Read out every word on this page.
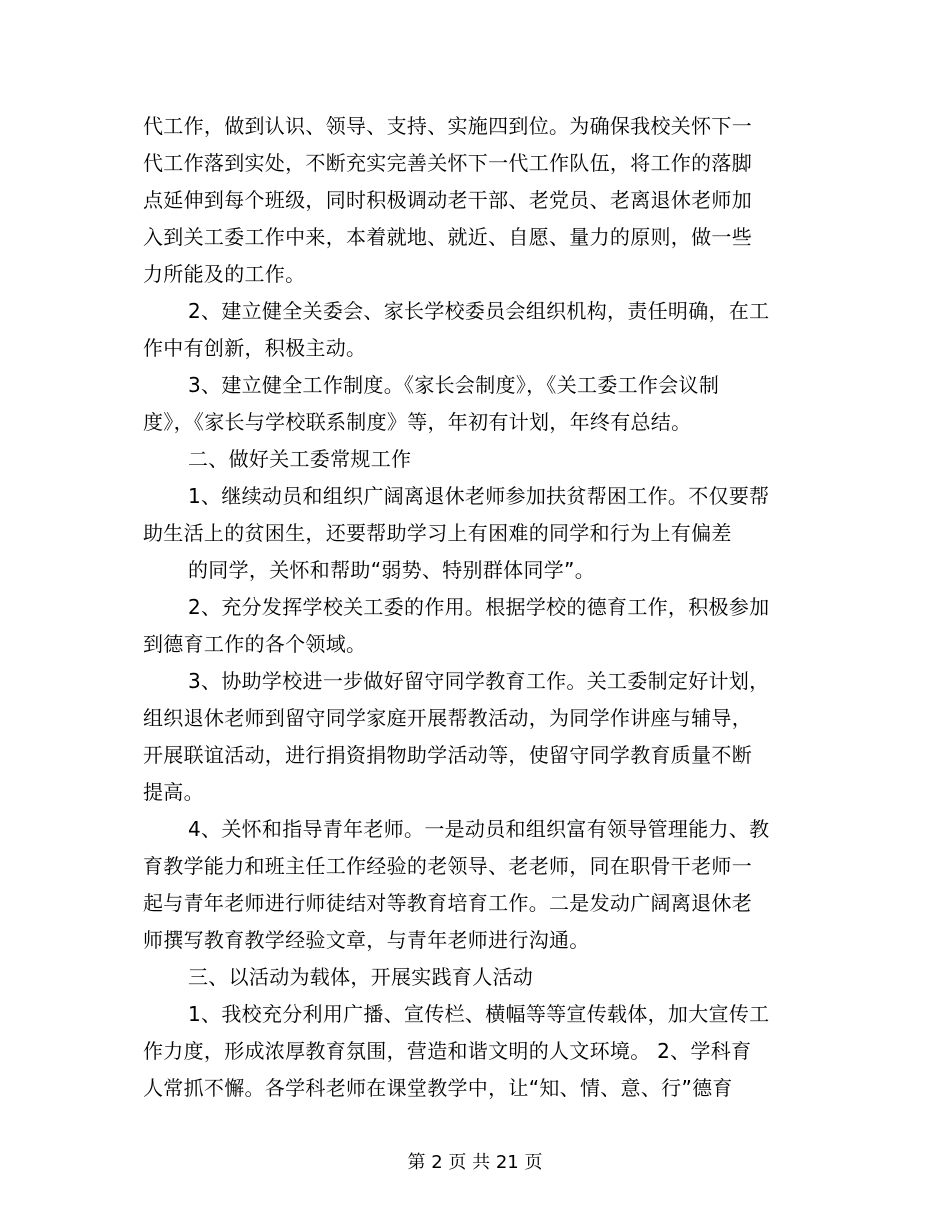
代工作，做到认识、领导、支持、实施四到位。为确保我校关怀下一
代工作落到实处，不断充实完善关怀下一代工作队伍，将工作的落脚
点延伸到每个班级，同时积极调动老干部、老党员、老离退休老师加
入到关工委工作中来，本着就地、就近、自愿、量力的原则，做一些
力所能及的工作。
2、建立健全关委会、家长学校委员会组织机构，责任明确，在工
作中有创新，积极主动。
3、建立健全工作制度。《家长会制度》，《关工委工作会议制
度》，《家长与学校联系制度》等，年初有计划，年终有总结。
二、做好关工委常规工作
1、继续动员和组织广阔离退休老师参加扶贫帮困工作。不仅要帮
助生活上的贫困生，还要帮助学习上有困难的同学和行为上有偏差
的同学，关怀和帮助“弱势、特别群体同学”。
2、充分发挥学校关工委的作用。根据学校的德育工作，积极参加
到德育工作的各个领域。
3、协助学校进一步做好留守同学教育工作。关工委制定好计划，
组织退休老师到留守同学家庭开展帮教活动，为同学作讲座与辅导，
开展联谊活动，进行捐资捐物助学活动等，使留守同学教育质量不断
提高。
4、关怀和指导青年老师。一是动员和组织富有领导管理能力、教
育教学能力和班主任工作经验的老领导、老老师，同在职骨干老师一
起与青年老师进行师徒结对等教育培育工作。二是发动广阔离退休老
师撰写教育教学经验文章，与青年老师进行沟通。
三、以活动为载体，开展实践育人活动
1、我校充分利用广播、宣传栏、横幅等等宣传载体，加大宣传工
作力度，形成浓厚教育氛围，营造和谐文明的人文环境。 2、学科育
人常抓不懈。各学科老师在课堂教学中，让“知、情、意、行”德育
第 2 页 共 21 页
